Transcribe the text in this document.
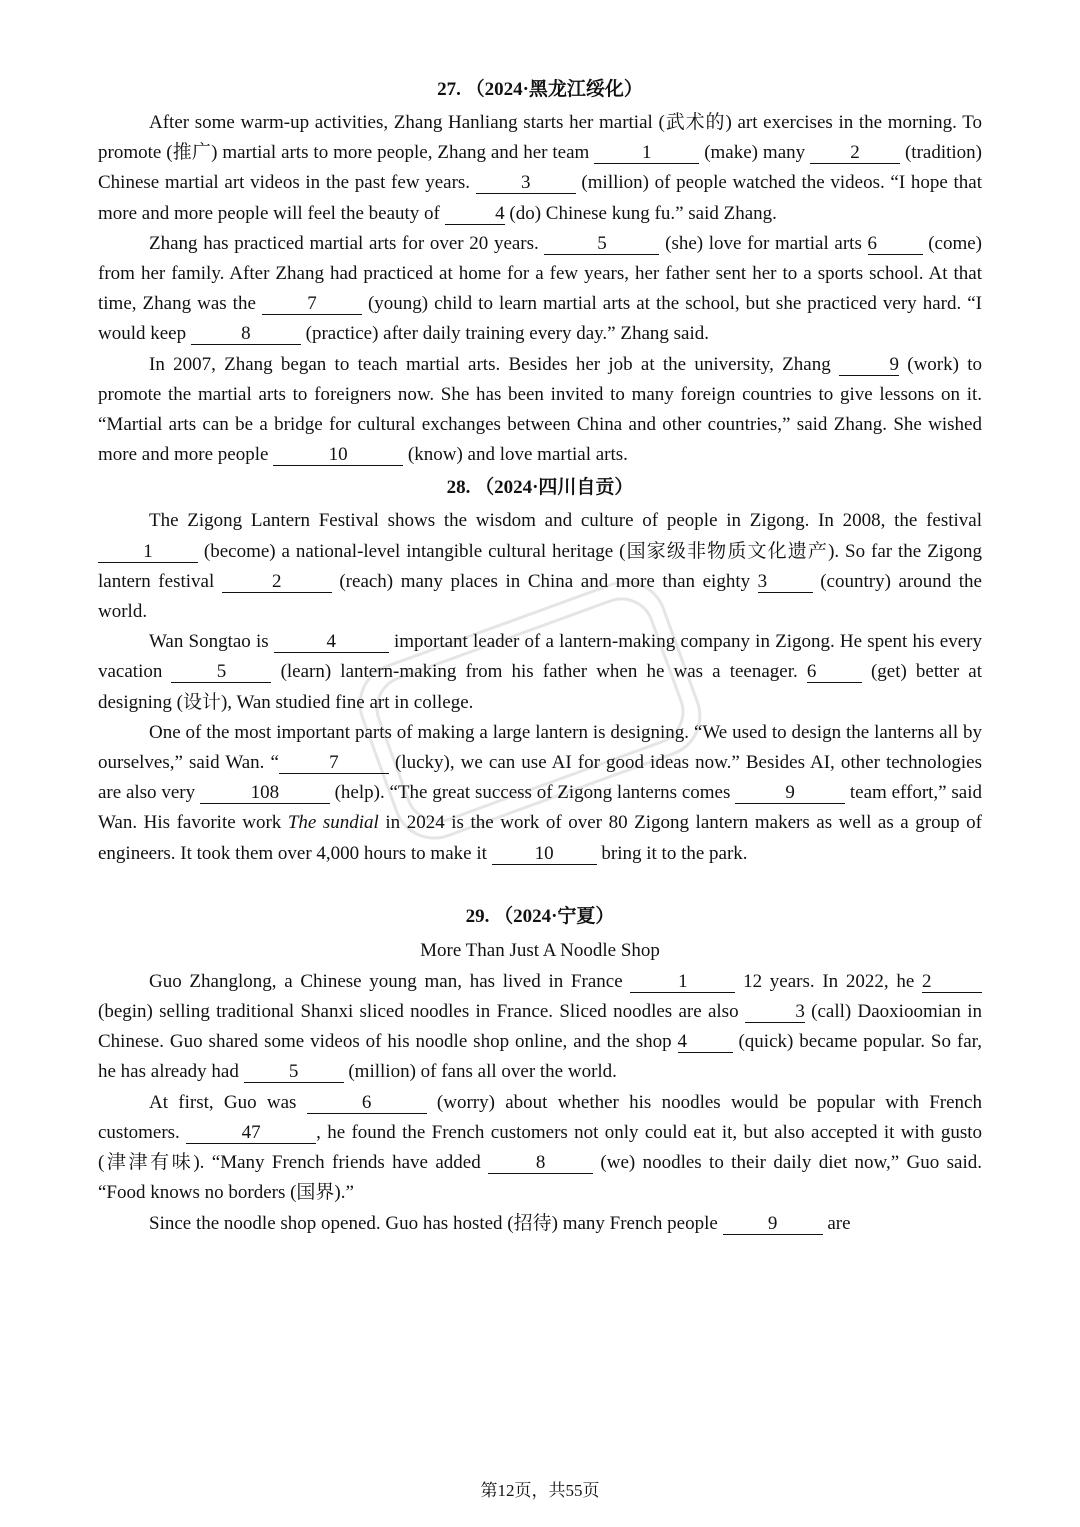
27. （2024·黑龙江绥化）

After some warm-up activities, Zhang Hanliang starts her martial (武术的) art exercises in the morning. To promote (推广) martial arts to more people, Zhang and her team	1	(make) many 2 (tradition) Chinese martial art videos in the past few years. 3 (million) of people watched the videos. “I hope that more and more people will feel the beauty of	4 (do) Chinese kung fu.” said Zhang.

Zhang has practiced martial arts for over 20 years.	5	(she) love for martial arts 6 (come) from her family. After Zhang had practiced at home for a few years, her father sent her to a sports school. At that time, Zhang was the 7 (young) child to learn martial arts at the school, but she practiced very hard. “I would keep	8	(practice) after daily training every day.” Zhang said.

In 2007, Zhang began to teach martial arts. Besides her job at the university, Zhang	9 (work) to promote the martial arts to foreigners now. She has been invited to many foreign countries to give lessons on it. “Martial arts can be a bridge for cultural exchanges between China and other countries,” said Zhang. She wished more and more people	10	(know) and love martial arts.

28. （2024·四川自贡）

The Zigong Lantern Festival shows the wisdom and culture of people in Zigong. In 2008, the festival 1 (become) a national-level intangible cultural heritage (国家级非物质文化遗产). So far the Zigong lantern festival	2	(reach) many places in China and more than eighty 3 (country) around the world.

Wan Songtao is	4	important leader of a lantern-making company in Zigong. He spent his every vacation 5 (learn) lantern-making from his father when he was a teenager. 6 (get) better at designing (设计), Wan studied fine art in college.

One of the most important parts of making a large lantern is designing. “We used to design the lanterns all by ourselves,” said Wan. “	7	(lucky), we can use AI for good ideas now.” Besides AI, other technologies are also very	108	(help). “The great success of Zigong lanterns comes	9	team effort,” said Wan. His favorite work The sundial in 2024 is the work of over 80 Zigong lantern makers as well as a group of engineers. It took them over 4,000 hours to make it 10 bring it to the park.

29. （2024·宁夏）
More Than Just A Noodle Shop

Guo Zhanglong, a Chinese young man, has lived in France	1	12 years. In 2022, he 2 (begin) selling traditional Shanxi sliced noodles in France. Sliced noodles are also	3 (call) Daoxioomian in Chinese. Guo shared some videos of his noodle shop online, and the shop 4 (quick) became popular. So far, he has already had 5 (million) of fans all over the world.

At first, Guo was	6	(worry) about whether his noodles would be popular with French customers.	47	, he found the French customers not only could eat it, but also accepted it with gusto (津津有味). “Many French friends have added	8	(we) noodles to their daily diet now,” Guo said. “Food knows no borders (国界).”

Since the noodle shop opened. Guo has hosted (招待) many French people 9 are

第12页，共55页
